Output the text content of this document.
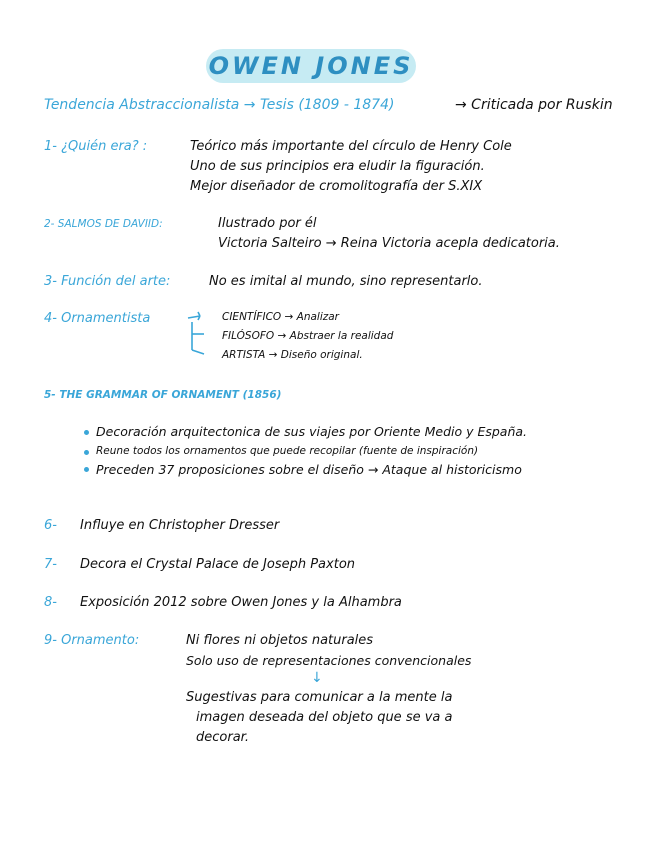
OWEN JONES
Tendencia Abstraccionalista → Tesis (1809 - 1874)	→ Criticada por Ruskin
1- ¿Quién era? :	Teórico más importante del círculo de Henry Cole
Uno de sus principios era eludir la figuración.
Mejor diseñador de cromolitografía der S.XIX
2- SALMOS DE DAVIID:	Ilustrado por él
Victoria Salteiro → Reina Victoria acepla dedicatoria.
3- Función del arte:	No es imital al mundo, sino representarlo.
4- Ornamentista	CIENTÍFICO → Analizar
FILÓSOFO → Abstraer la realidad
ARTISTA → Diseño original.
5- THE GRAMMAR OF ORNAMENT (1856)
Decoración arquitectonica de sus viajes por Oriente Medio y España.
Reune todos los ornamentos que puede recopilar (fuente de inspiración)
Preceden 37 proposiciones sobre el diseño → Ataque al historicismo
6- Influye en Christopher Dresser
7- Decora el Crystal Palace de Joseph Paxton
8- Exposición 2012 sobre Owen Jones y la Alhambra
9- Ornamento:	Ni flores ni objetos naturales
Solo uso de representaciones convencionales
↓
Sugestivas para comunicar a la mente la
imagen deseada del objeto que se va a
decorar.
